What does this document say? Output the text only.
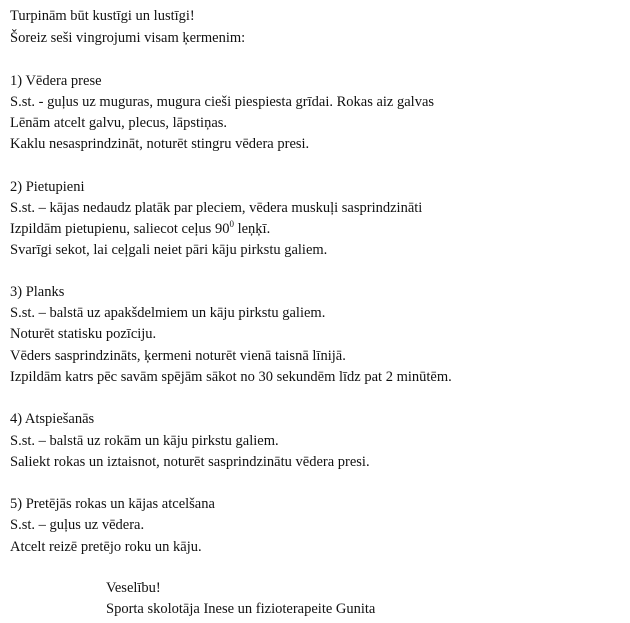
Turpinām būt kustīgi un lustīgi!
Šoreiz seši vingrojumi visam ķermenim:
1) Vēdera prese
S.st. - guļus uz muguras, mugura cieši piespiesta grīdai. Rokas aiz galvas
Lēnām atcelt galvu, plecus, lāpstiņas.
Kaklu nesasprindzināt, noturēt stingru vēdera presi.
2) Pietupieni
S.st. – kājas nedaudz platāk par pleciem, vēdera muskuļi sasprindzināti
Izpildām pietupienu, saliecot ceļus $90^0$ leņķī.
Svarīgi sekot, lai ceļgali neiet pāri kāju pirkstu galiem.
3) Planks
S.st. – balstā uz apakšdelmiem un kāju pirkstu galiem.
Noturēt statisku pozīciju.
Vēders sasprindzināts, ķermeni noturēt vienā taisnā līnijā.
Izpildām katrs pēc savām spējām sākot no 30 sekundēm līdz pat 2 minūtēm.
4) Atspiešanās
S.st. – balstā uz rokām un kāju pirkstu galiem.
Saliekt rokas un iztaisnot, noturēt sasprindzinātu vēdera presi.
5) Pretējās rokas un kājas atcelšana
S.st. – guļus uz vēdera.
Atcelt reizē pretējo roku un kāju.
Veselību!
Sporta skolotāja Inese un fizioterapeite Gunita
